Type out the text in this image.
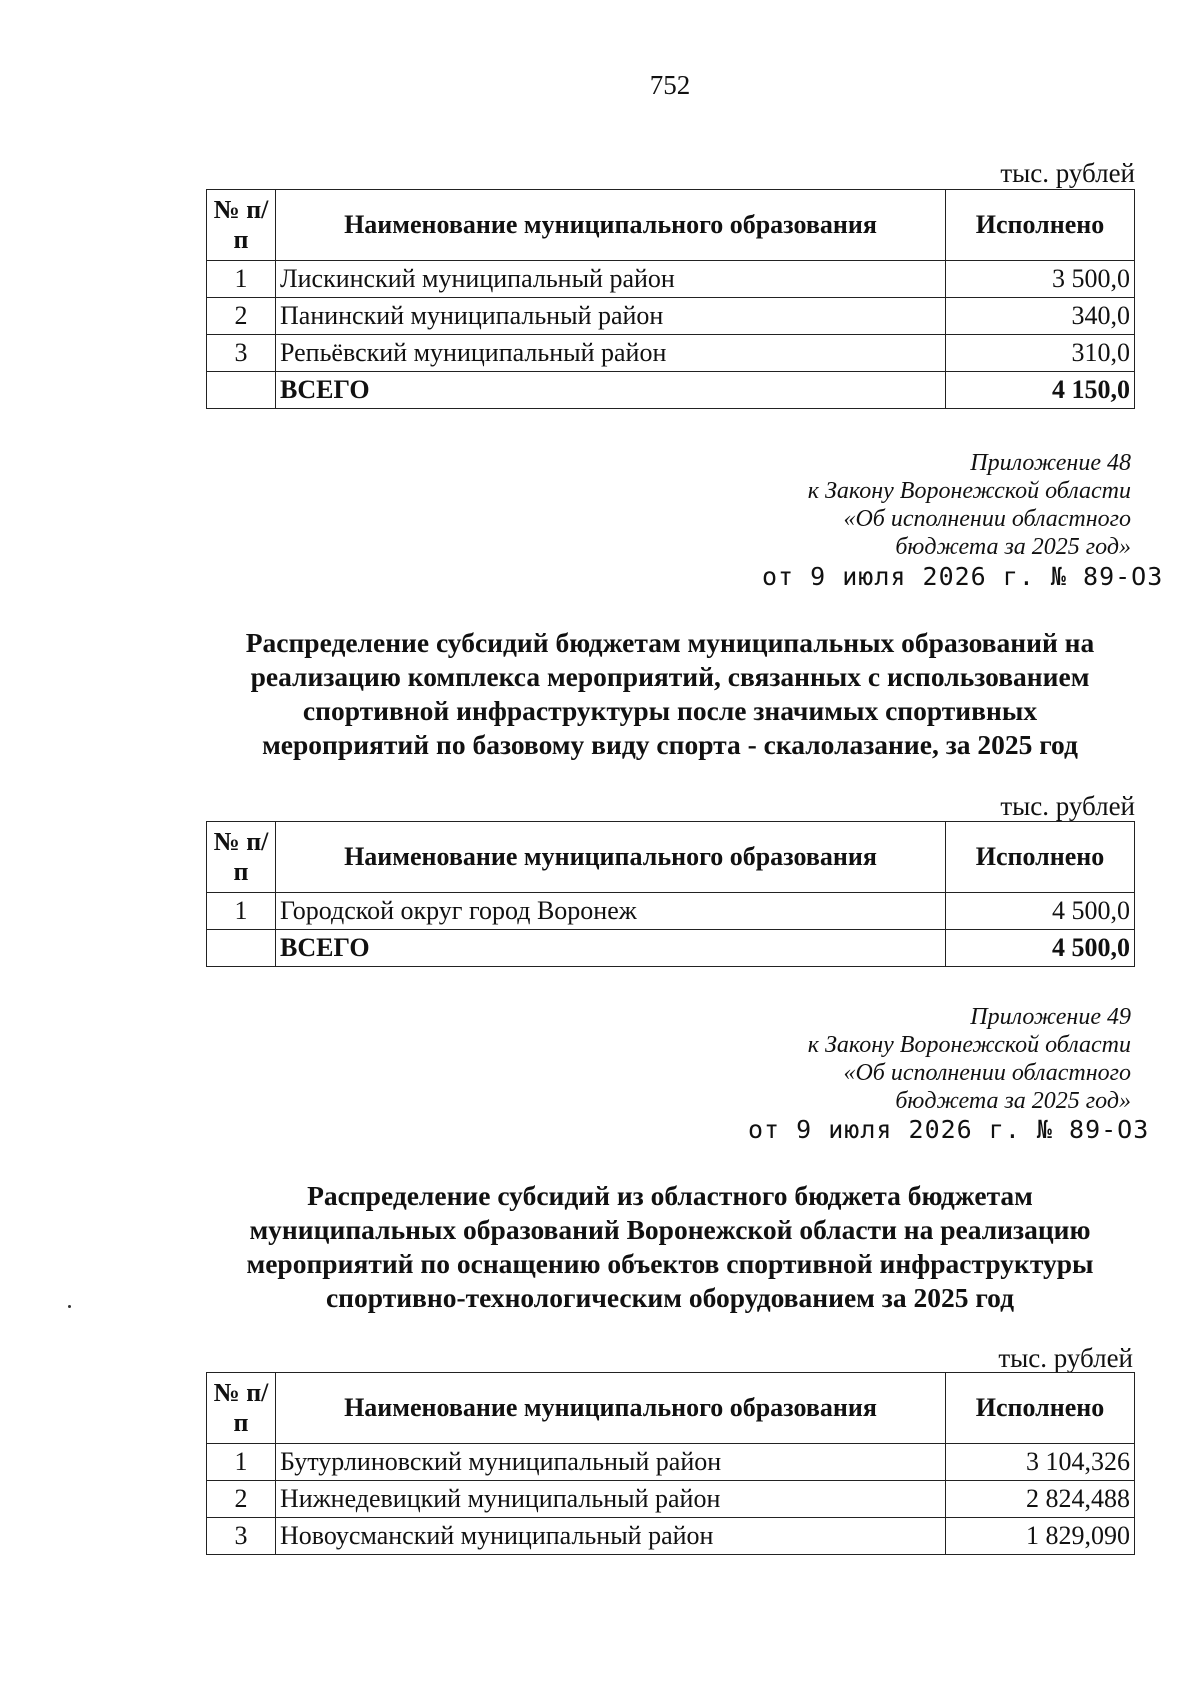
752
тыс. рублей
№ п/п	Наименование муниципального образования	Исполнено
1	Лискинский муниципальный район	3 500,0
2	Панинский муниципальный район	340,0
3	Репьёвский муниципальный район	310,0
	ВСЕГО	4 150,0
Приложение 48
к Закону Воронежской области
«Об исполнении областного
бюджета за 2025 год»
от 9 июля 2026 г. № 89-ОЗ
Распределение субсидий бюджетам муниципальных образований на
реализацию комплекса мероприятий, связанных с использованием
спортивной инфраструктуры после значимых спортивных
мероприятий по базовому виду спорта - скалолазание, за 2025 год
тыс. рублей
№ п/п	Наименование муниципального образования	Исполнено
1	Городской округ город Воронеж	4 500,0
	ВСЕГО	4 500,0
Приложение 49
к Закону Воронежской области
«Об исполнении областного
бюджета за 2025 год»
от 9 июля 2026 г. № 89-ОЗ
Распределение субсидий из областного бюджета бюджетам
муниципальных образований Воронежской области на реализацию
мероприятий по оснащению объектов спортивной инфраструктуры
спортивно-технологическим оборудованием за 2025 год
тыс. рублей
№ п/п	Наименование муниципального образования	Исполнено
1	Бутурлиновский муниципальный район	3 104,326
2	Нижнедевицкий муниципальный район	2 824,488
3	Новоусманский муниципальный район	1 829,090
